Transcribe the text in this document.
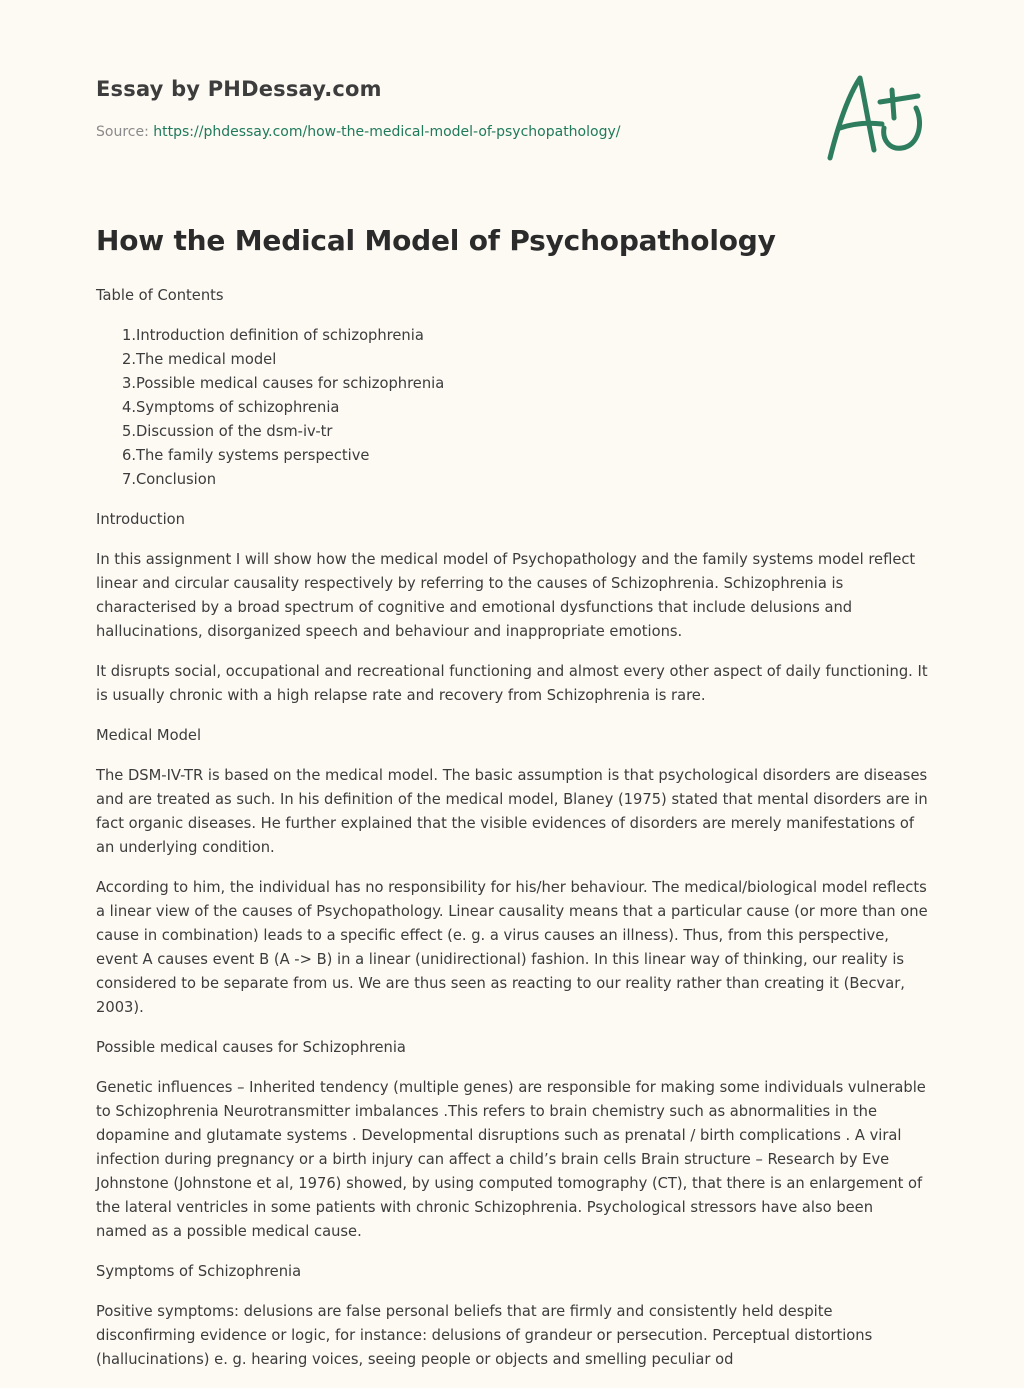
Essay by PHDessay.com

Source: https://phdessay.com/how-the-medical-model-of-psychopathology/

How the Medical Model of Psychopathology

Table of Contents

1. Introduction definition of schizophrenia
2. The medical model
3. Possible medical causes for schizophrenia
4. Symptoms of schizophrenia
5. Discussion of the dsm-iv-tr
6. The family systems perspective
7. Conclusion

Introduction

In this assignment I will show how the medical model of Psychopathology and the family systems model reflect linear and circular causality respectively by referring to the causes of Schizophrenia. Schizophrenia is characterised by a broad spectrum of cognitive and emotional dysfunctions that include delusions and hallucinations, disorganized speech and behaviour and inappropriate emotions.

It disrupts social, occupational and recreational functioning and almost every other aspect of daily functioning. It is usually chronic with a high relapse rate and recovery from Schizophrenia is rare.

Medical Model

The DSM-IV-TR is based on the medical model. The basic assumption is that psychological disorders are diseases and are treated as such. In his definition of the medical model, Blaney (1975) stated that mental disorders are in fact organic diseases. He further explained that the visible evidences of disorders are merely manifestations of an underlying condition.

According to him, the individual has no responsibility for his/her behaviour. The medical/biological model reflects a linear view of the causes of Psychopathology. Linear causality means that a particular cause (or more than one cause in combination) leads to a specific effect (e. g. a virus causes an illness). Thus, from this perspective, event A causes event B (A -> B) in a linear (unidirectional) fashion. In this linear way of thinking, our reality is considered to be separate from us. We are thus seen as reacting to our reality rather than creating it (Becvar, 2003).

Possible medical causes for Schizophrenia

Genetic influences – Inherited tendency (multiple genes) are responsible for making some individuals vulnerable to Schizophrenia Neurotransmitter imbalances .This refers to brain chemistry such as abnormalities in the dopamine and glutamate systems . Developmental disruptions such as prenatal / birth complications . A viral infection during pregnancy or a birth injury can affect a child’s brain cells Brain structure – Research by Eve Johnstone (Johnstone et al, 1976) showed, by using computed tomography (CT), that there is an enlargement of the lateral ventricles in some patients with chronic Schizophrenia. Psychological stressors have also been named as a possible medical cause.

Symptoms of Schizophrenia

Positive symptoms: delusions are false personal beliefs that are firmly and consistently held despite disconfirming evidence or logic, for instance: delusions of grandeur or persecution. Perceptual distortions (hallucinations) e. g. hearing voices, seeing people or objects and smelling peculiar od
